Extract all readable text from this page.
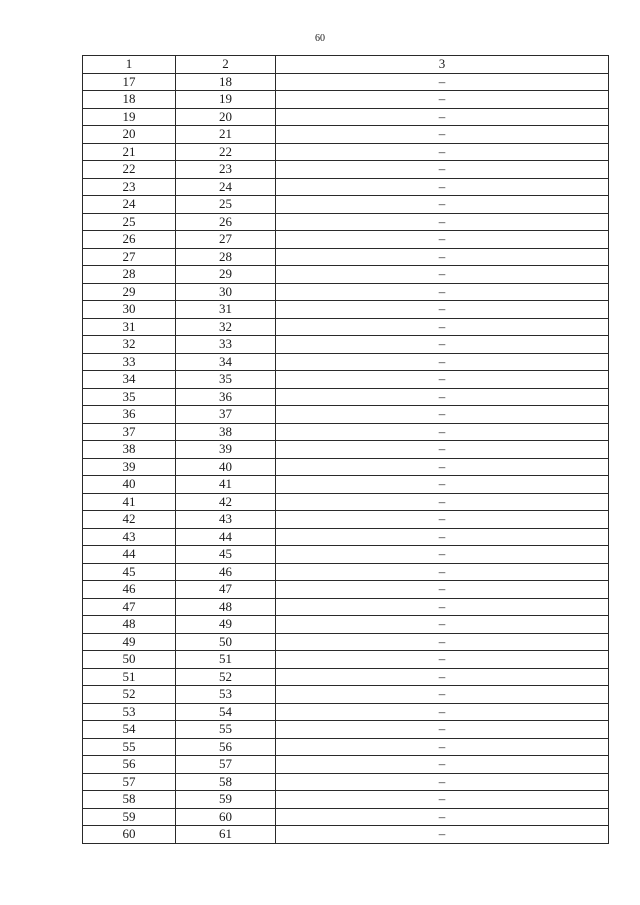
60
1	2	3
17	18	–
18	19	–
19	20	–
20	21	–
21	22	–
22	23	–
23	24	–
24	25	–
25	26	–
26	27	–
27	28	–
28	29	–
29	30	–
30	31	–
31	32	–
32	33	–
33	34	–
34	35	–
35	36	–
36	37	–
37	38	–
38	39	–
39	40	–
40	41	–
41	42	–
42	43	–
43	44	–
44	45	–
45	46	–
46	47	–
47	48	–
48	49	–
49	50	–
50	51	–
51	52	–
52	53	–
53	54	–
54	55	–
55	56	–
56	57	–
57	58	–
58	59	–
59	60	–
60	61	–
